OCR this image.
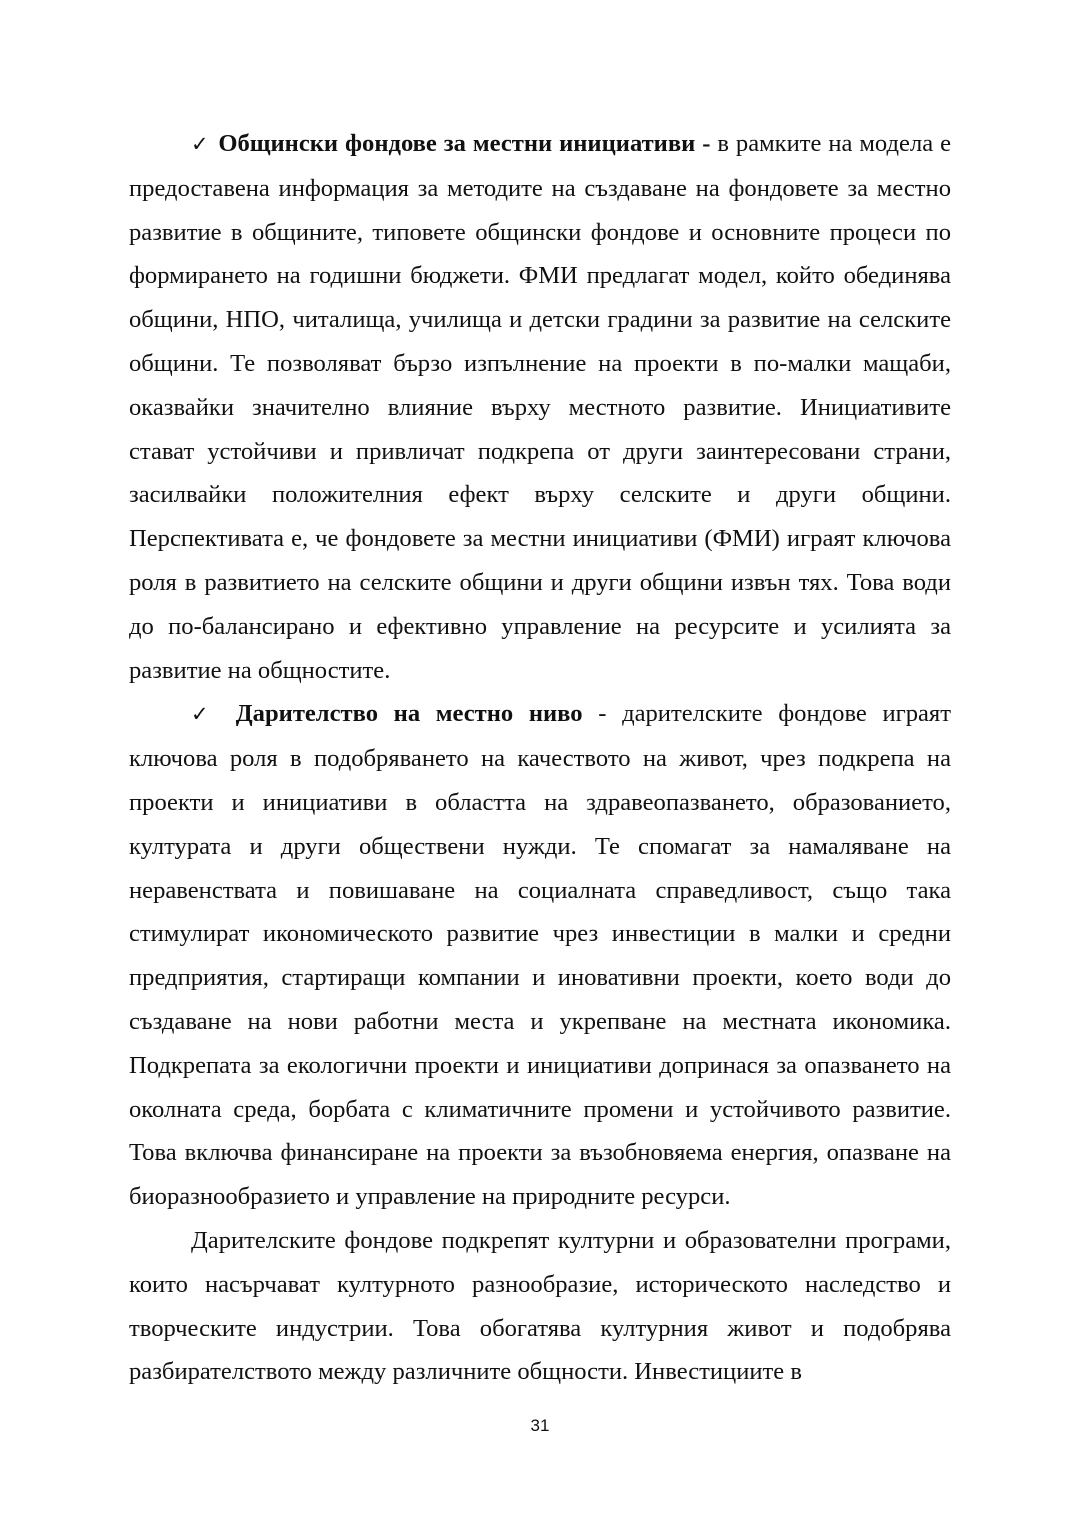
✓ Общински фондове за местни инициативи - в рамките на модела е предоставена информация за методите на създаване на фондовете за местно развитие в общините, типовете общински фондове и основните процеси по формирането на годишни бюджети. ФМИ предлагат модел, който обединява общини, НПО, читалища, училища и детски градини за развитие на селските общини. Те позволяват бързо изпълнение на проекти в по-малки мащаби, оказвайки значително влияние върху местното развитие. Инициативите стават устойчиви и привличат подкрепа от други заинтересовани страни, засилвайки положителния ефект върху селските и други общини. Перспективата е, че фондовете за местни инициативи (ФМИ) играят ключова роля в развитието на селските общини и други общини извън тях. Това води до по-балансирано и ефективно управление на ресурсите и усилията за развитие на общностите.

✓ Дарителство на местно ниво - дарителските фондове играят ключова роля в подобряването на качеството на живот, чрез подкрепа на проекти и инициативи в областта на здравеопазването, образованието, културата и други обществени нужди. Те спомагат за намаляване на неравенствата и повишаване на социалната справедливост, също така стимулират икономическото развитие чрез инвестиции в малки и средни предприятия, стартиращи компании и иновативни проекти, което води до създаване на нови работни места и укрепване на местната икономика. Подкрепата за екологични проекти и инициативи допринася за опазването на околната среда, борбата с климатичните промени и устойчивото развитие. Това включва финансиране на проекти за възобновяема енергия, опазване на биоразнообразието и управление на природните ресурси.

Дарителските фондове подкрепят културни и образователни програми, които насърчават културното разнообразие, историческото наследство и творческите индустрии. Това обогатява културния живот и подобрява разбирателството между различните общности. Инвестициите в

31
